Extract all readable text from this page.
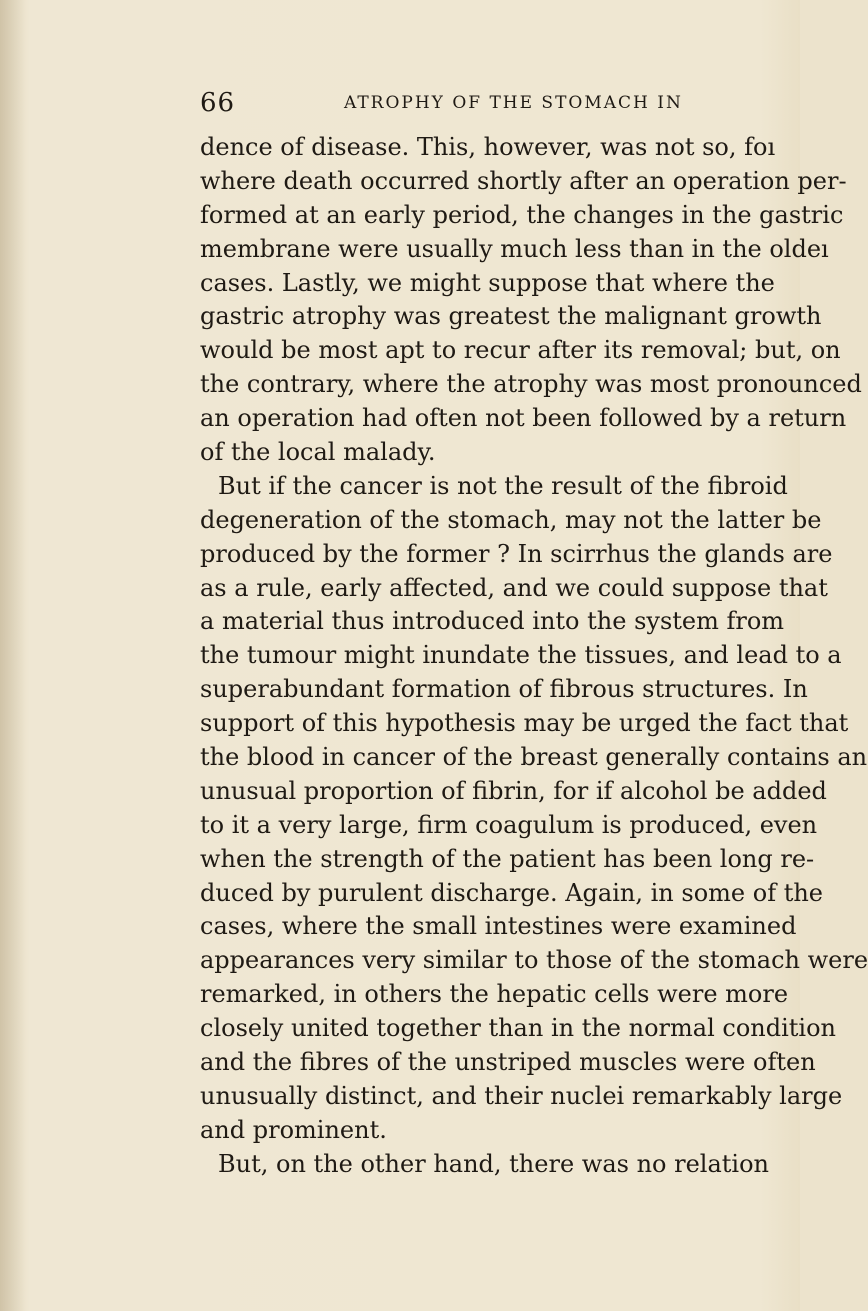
66	ATROPHY OF THE STOMACH IN
dence of disease. This, however, was not so, foı
where death occurred shortly after an operation per-
formed at an early period, the changes in the gastric
membrane were usually much less than in the oldeı
cases. Lastly, we might suppose that where the
gastric atrophy was greatest the malignant growth
would be most apt to recur after its removal; but, on
the contrary, where the atrophy was most pronounced
an operation had often not been followed by a return
of the local malady.
But if the cancer is not the result of the fibroid
degeneration of the stomach, may not the latter be
produced by the former ? In scirrhus the glands are
as a rule, early affected, and we could suppose that
a material thus introduced into the system from
the tumour might inundate the tissues, and lead to a
superabundant formation of fibrous structures. In
support of this hypothesis may be urged the fact that
the blood in cancer of the breast generally contains an
unusual proportion of fibrin, for if alcohol be added
to it a very large, firm coagulum is produced, even
when the strength of the patient has been long re-
duced by purulent discharge. Again, in some of the
cases, where the small intestines were examined
appearances very similar to those of the stomach were
remarked, in others the hepatic cells were more
closely united together than in the normal condition
and the fibres of the unstriped muscles were often
unusually distinct, and their nuclei remarkably large
and prominent.
But, on the other hand, there was no relation
